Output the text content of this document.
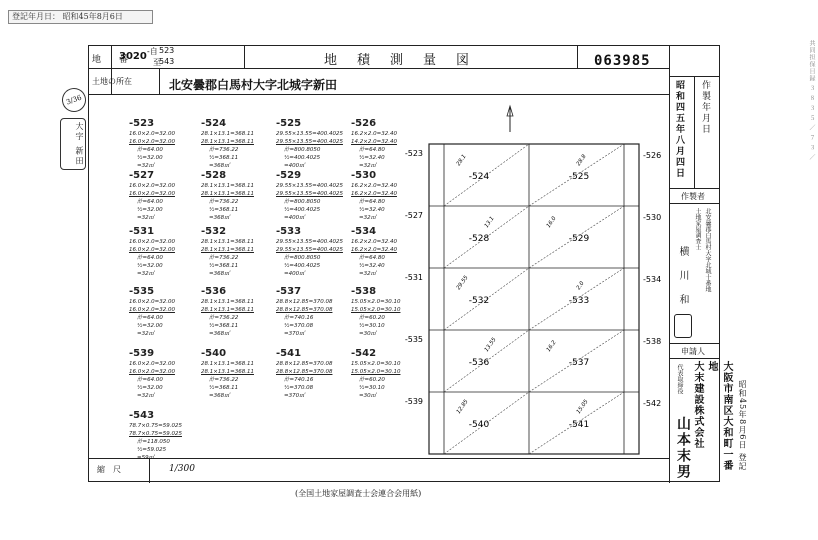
登記年月日： 昭和45年8月6日
共同担保目録 ３ ８ ３ ５ ／ ７ ３ ／
3/36
大字 新田
地　　番
3020 -自 523
至
543	地積測量図	063985
土地の所在	北安曇郡白馬村大字北城字新田
縮　尺	1/300
昭和四五年八月四日 作製年月日
作製者
北安曇郡白馬村大字北城十番地
土地家屋調査士
横川和
申請人
大阪市南区大和町一番地
大末建設株式会社
代表取締役
山本末男
-523
16.0×2.0=32.00
16.0×2.0=32.00
計=64.00
½=32.00
=32㎡
-524
28.1×13.1=368.11
28.1×13.1=368.11
計=736.22
½=368.11
=368㎡
-525
29.55×13.55=400.4025
29.55×13.55=400.4025
計=800.8050
½=400.4025
=400㎡
-526
16.2×2.0=32.40
14.2×2.0=32.40
計=64.80
½=32.40
=32㎡
-527
16.0×2.0=32.00
16.0×2.0=32.00
計=64.00
½=32.00
=32㎡
-528
28.1×13.1=368.11
28.1×13.1=368.11
計=736.22
½=368.11
=368㎡
-529
29.55×13.55=400.4025
29.55×13.55=400.4025
計=800.8050
½=400.4025
=400㎡
-530
16.2×2.0=32.40
16.2×2.0=32.40
計=64.80
½=32.40
=32㎡
-531
16.0×2.0=32.00
16.0×2.0=32.00
計=64.00
½=32.00
=32㎡
-532
28.1×13.1=368.11
28.1×13.1=368.11
計=736.22
½=368.11
=368㎡
-533
29.55×13.55=400.4025
29.55×13.55=400.4025
計=800.8050
½=400.4025
=400㎡
-534
16.2×2.0=32.40
16.2×2.0=32.40
計=64.80
½=32.40
=32㎡
-535
16.0×2.0=32.00
16.0×2.0=32.00
計=64.00
½=32.00
=32㎡
-536
28.1×13.1=368.11
28.1×13.1=368.11
計=736.22
½=368.11
=368㎡
-537
28.8×12.85=370.08
28.8×12.85=370.08
計=740.16
½=370.08
=370㎡
-538
15.05×2.0=30.10
15.05×2.0=30.10
計=60.20
½=30.10
=30㎡
-539
16.0×2.0=32.00
16.0×2.0=32.00
計=64.00
½=32.00
=32㎡
-540
28.1×13.1=368.11
28.1×13.1=368.11
計=736.22
½=368.11
=368㎡
-541
28.8×12.85=370.08
28.8×12.85=370.08
計=740.16
½=370.08
=370㎡
-542
15.05×2.0=30.10
15.05×2.0=30.10
計=60.20
½=30.10
=30㎡
-543
78.7×0.75=59.025
78.7×0.75=59.025
計=118.050
½=59.025
=59㎡
-524	-525
-528	-529
-532	-533
-536	-537
-540	-541
-523
-527
-531
-535
-539
-526
-530
-534
-538
-542
28.1
13.1
29.55
13.55
12.85
28.8
16.0
2.0
16.2
15.05
(全国土地家屋調査士会連合会用紙)
昭和45年8月6日 登記
